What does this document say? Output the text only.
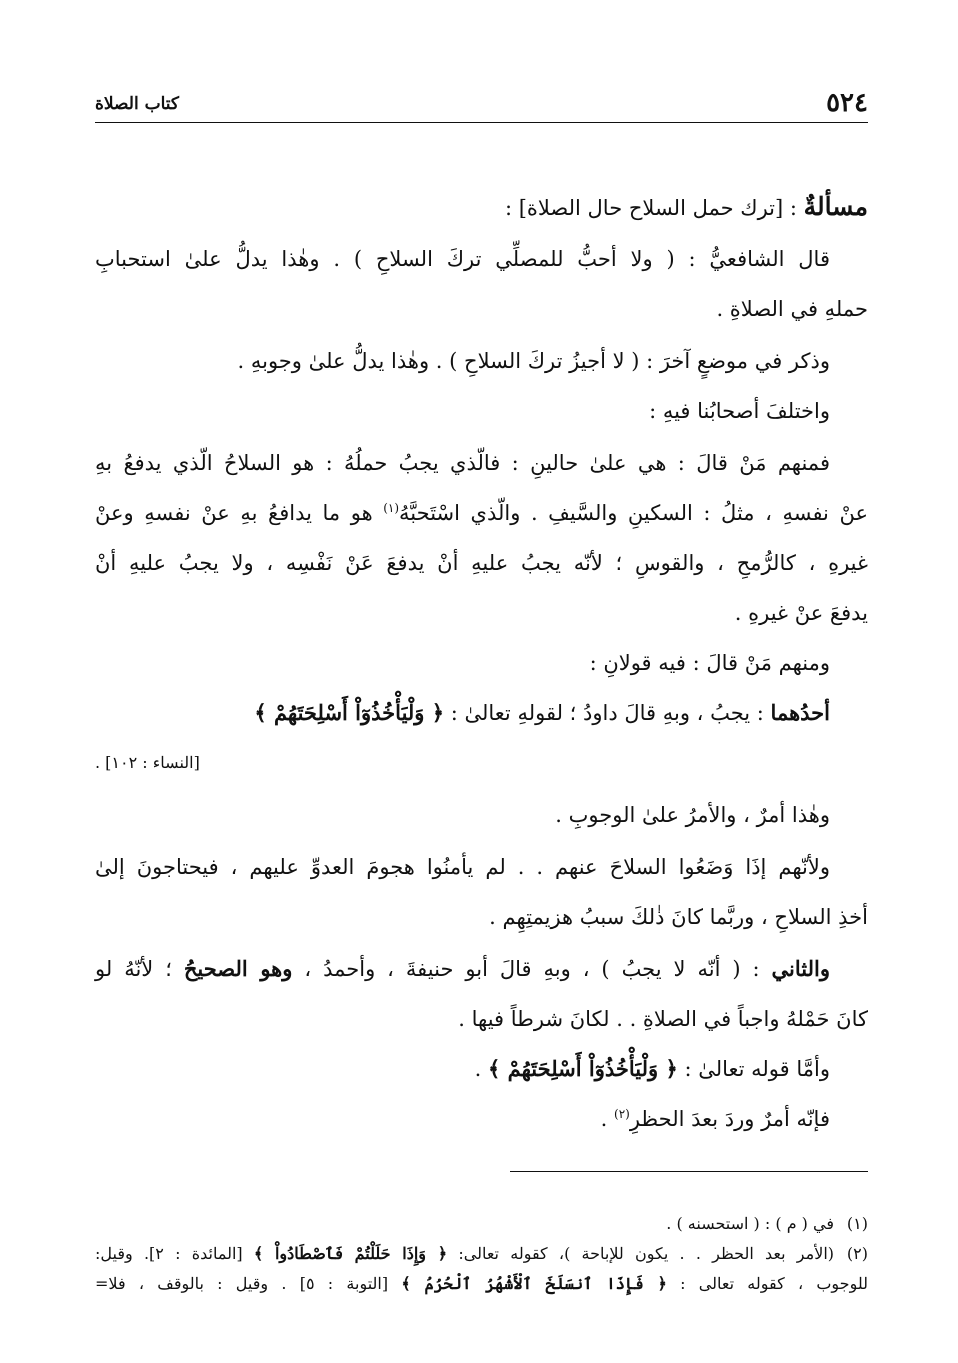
٥٢٤
كتاب الصلاة
مسألةٌ : [ترك حمل السلاح حال الصلاة] :
قال الشافعيُّ : ( ولا أحبُّ للمصلِّي تركَ السلاحِ ) . وهٰذا يدلُّ علىٰ استحبابِ
حملهِ في الصلاةِ .
وذكر في موضعٍ آخرَ : ( لا أجيزُ تركَ السلاحِ ) . وهٰذا يدلُّ علىٰ وجوبهِ .
واختلفَ أصحابُنا فيهِ :
فمنهم مَنْ قالَ : هي علىٰ حالينِ : فالّذي يجبُ حملُهُ : هو السلاحُ الّذي يدفعُ بهِ
عنْ نفسهِ ، مثلُ : السكينِ والسَّيفِ . والّذي اسْتَحبَّهُ$^{(١)}$ هو ما يدافعُ بهِ عنْ نفسهِ وعنْ
غيرهِ ، كالرُّمحِ ، والقوسِ ؛ لأنّه يجبُ عليهِ أنْ يدفعَ عَنْ نَفْسِه ، ولا يجبُ عليهِ أنْ
يدفعَ عنْ غيرهِ .
ومنهم مَنْ قالَ : فيه قولانِ :
أحدُهما : يجبُ ، وبهِ قالَ داودُ ؛ لقولهِ تعالىٰ : ﴿ وَلْيَأْخُذُوٓاْ أَسْلِحَتَهُمْ ﴾
[النساء : ١٠٢] .
وهٰذا أمرٌ ، والأمرُ علىٰ الوجوبِ .
ولأنّهم إذَا وَضَعُوا السلاحَ عنهم . . لم يأمنُوا هجومَ العدوِّ عليهم ، فيحتاجونَ إلىٰ
أخذِ السلاحِ ، وربَّما كانَ ذٰلكَ سببُ هزيمتِهِم .
والثاني : ( أنّه لا يجبُ ) ، وبهِ قالَ أبو حنيفةَ ، وأحمدُ ، وهو الصحيحُ ؛ لأنّهُ لو
كانَ حَمْلهُ واجباً في الصلاةِ . . لكانَ شرطاً فيها .
وأمَّا قوله تعالىٰ : ﴿ وَلْيَأْخُذُوٓاْ أَسْلِحَتَهُمْ ﴾ .
فإنّه أمرٌ وردَ بعدَ الحظرِ$^{(٢)}$ .
(١)في ( م ) : ( استحسنه ) .
(٢)(الأمر بعد الحظر . . يكون للإباحة )، كقوله تعالى: ﴿ وَإِذَا حَلَلْتُمْ فَٱصْطَادُواْ ﴾ [المائدة : ٢]. وقيل:
للوجوب ، كقوله تعالى : ﴿ فَإِذَا ٱنسَلَخَ ٱلْأَشْهُرُ ٱلْحُرُمُ ﴾ [التوبة : ٥] . وقيل : بالوقف ، فلا=
